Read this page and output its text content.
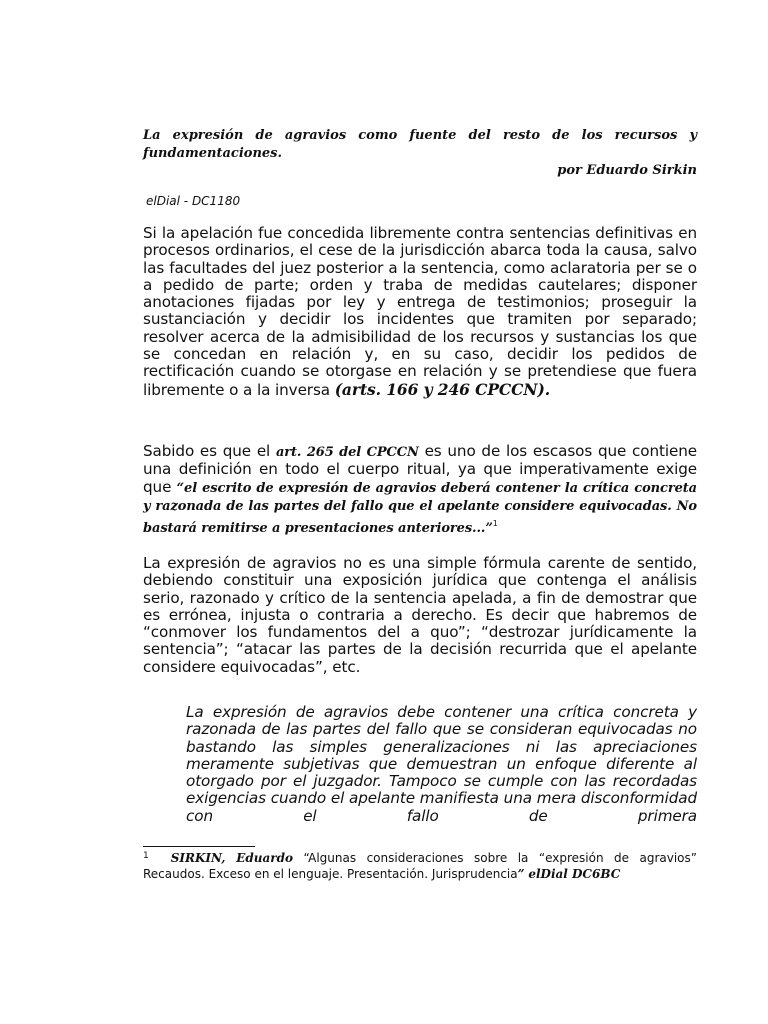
La expresión de agravios como fuente del resto de los recursos y fundamentaciones.
por Eduardo Sirkin
elDial - DC1180
Si la apelación fue concedida libremente contra sentencias definitivas en procesos ordinarios, el cese de la jurisdicción abarca toda la causa, salvo las facultades del juez posterior a la sentencia, como aclaratoria per se o a pedido de parte; orden y traba de medidas cautelares; disponer anotaciones fijadas por ley y entrega de testimonios; proseguir la sustanciación y decidir los incidentes que tramiten por separado; resolver acerca de la admisibilidad de los recursos y sustancias los que se concedan en relación y, en su caso, decidir los pedidos de rectificación cuando se otorgase en relación y se pretendiese que fuera libremente o a la inversa (arts. 166 y 246 CPCCN).
Sabido es que el art. 265 del CPCCN es uno de los escasos que contiene una definición en todo el cuerpo ritual, ya que imperativamente exige que “el escrito de expresión de agravios deberá contener la crítica concreta y razonada de las partes del fallo que el apelante considere equivocadas. No bastará remitirse a presentaciones anteriores...”$^1$
La expresión de agravios no es una simple fórmula carente de sentido, debiendo constituir una exposición jurídica que contenga el análisis serio, razonado y crítico de la sentencia apelada, a fin de demostrar que es errónea, injusta o contraria a derecho. Es decir que habremos de “conmover los fundamentos del a quo”; “destrozar jurídicamente la sentencia”; “atacar las partes de la decisión recurrida que el apelante considere equivocadas”, etc.
La expresión de agravios debe contener una crítica concreta y razonada de las partes del fallo que se consideran equivocadas no bastando las simples generalizaciones ni las apreciaciones meramente subjetivas que demuestran un enfoque diferente al otorgado por el juzgador. Tampoco se cumple con las recordadas exigencias cuando el apelante manifiesta una mera disconformidad con el fallo de primera
$^1$ SIRKIN, Eduardo “Algunas consideraciones sobre la “expresión de agravios” Recaudos. Exceso en el lenguaje. Presentación. Jurisprudencia” elDial DC6BC
